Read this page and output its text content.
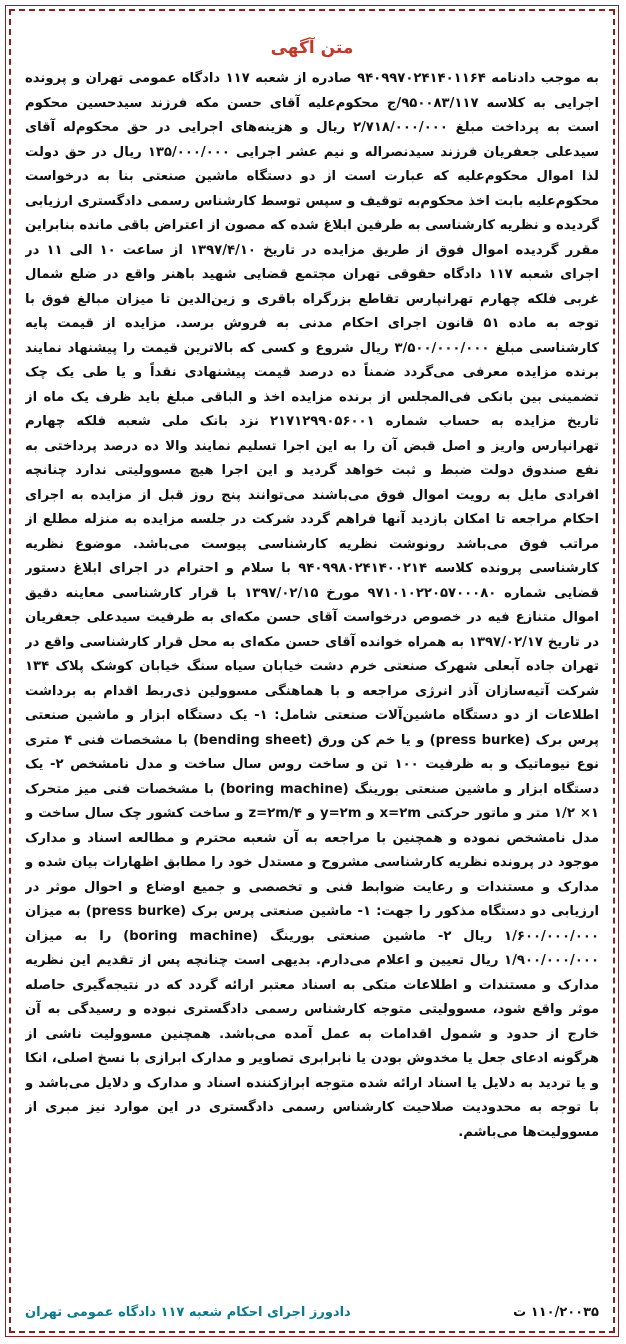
متن آگهی
به موجب دادنامه ۹۴۰۹۹۷۰۲۴۱۴۰۱۱۶۴ صادره از شعبه ۱۱۷ دادگاه عمومی تهران و پرونده اجرایی به کلاسه ۹۵۰۰۸۳/۱۱۷/ج محکوم‌علیه آقای حسن مکه فرزند سیدحسین محکوم است به پرداخت مبلغ ۲/۷۱۸/۰۰۰/۰۰۰ ریال و هزینه‌های اجرایی در حق محکوم‌له آقای سیدعلی جعفریان فرزند سیدنصراله و نیم عشر اجرایی ۱۳۵/۰۰۰/۰۰۰ ریال در حق دولت لذا اموال محکوم‌علیه که عبارت است از دو دستگاه ماشین صنعتی بنا به درخواست محکوم‌علیه بابت اخذ محکوم‌به توقیف و سپس توسط کارشناس رسمی دادگستری ارزیابی گردیده و نظریه کارشناسی به طرفین ابلاغ شده که مصون از اعتراض باقی مانده بنابراین مقرر گردیده اموال فوق از طریق مزایده در تاریخ ۱۳۹۷/۴/۱۰ از ساعت ۱۰ الی ۱۱ در اجرای شعبه ۱۱۷ دادگاه حقوقی تهران مجتمع قضایی شهید باهنر واقع در ضلع شمال غربی فلکه چهارم تهرانپارس تقاطع بزرگراه باقری و زین‌الدین تا میزان مبالغ فوق با توجه به ماده ۵۱ قانون اجرای احکام مدنی به فروش برسد. مزایده از قیمت پایه کارشناسی مبلغ ۳/۵۰۰/۰۰۰/۰۰۰ ریال شروع و کسی که بالاترین قیمت را پیشنهاد نمایند برنده مزایده معرفی می‌گردد ضمناً ده درصد قیمت پیشنهادی نقداً و یا طی یک چک تضمینی بین بانکی فی‌المجلس از برنده مزایده اخذ و الباقی مبلغ باید ظرف یک ماه از تاریخ مزایده به حساب شماره ۲۱۷۱۲۹۹۰۵۶۰۰۱ نزد بانک ملی شعبه فلکه چهارم تهرانپارس واریز و اصل قبض آن را به این اجرا تسلیم نمایند والا ده درصد پرداختی به نفع صندوق دولت ضبط و ثبت خواهد گردید و این اجرا هیچ مسوولیتی ندارد چنانچه افرادی مایل به رویت اموال فوق می‌باشند می‌توانند پنج روز قبل از مزایده به اجرای احکام مراجعه تا امکان بازدید آنها فراهم گردد شرکت در جلسه مزایده به منزله مطلع از مراتب فوق می‌باشد رونوشت نظریه کارشناسی پیوست می‌باشد. موضوع نظریه کارشناسی پرونده کلاسه ۹۴۰۹۹۸۰۲۴۱۴۰۰۲۱۴ با سلام و احترام در اجرای ابلاغ دستور قضایی شماره ۹۷۱۰۱۰۲۲۰۵۷۰۰۰۸۰ مورخ ۱۳۹۷/۰۲/۱۵ با قرار کارشناسی معاینه دقیق اموال متنازع فیه در خصوص درخواست آقای حسن مکه‌ای به طرفیت سیدعلی جعفریان در تاریخ ۱۳۹۷/۰۲/۱۷ به همراه خوانده آقای حسن مکه‌ای به محل قرار کارشناسی واقع در تهران جاده آبعلی شهرک صنعتی خرم دشت خیابان سیاه سنگ خیابان کوشک پلاک ۱۳۴ شرکت آتیه‌سازان آذر انرژی مراجعه و با هماهنگی مسوولین ذی‌ربط اقدام به برداشت اطلاعات از دو دستگاه ماشین‌آلات صنعتی شامل: ۱- یک دستگاه ابزار و ماشین صنعتی پرس برک (press burke) و یا خم کن ورق (bending sheet) با مشخصات فنی ۴ متری نوع نیوماتیک و به ظرفیت ۱۰۰ تن و ساخت روس سال ساخت و مدل نامشخص ۲- یک دستگاه ابزار و ماشین صنعتی بورینگ (boring machine) با مشخصات فنی میز متحرک ۱× ۱/۲ متر و ماتور حرکتی x=۲m و y=۲m و z=۲m/۴ و ساخت کشور چک سال ساخت و مدل نامشخص نموده و همچنین با مراجعه به آن شعبه محترم و مطالعه اسناد و مدارک موجود در پرونده نظریه کارشناسی مشروح و مستدل خود را مطابق اظهارات بیان شده و مدارک و مستندات و رعایت ضوابط فنی و تخصصی و جمیع اوضاع و احوال موثر در ارزیابی دو دستگاه مذکور را جهت: ۱- ماشین صنعتی پرس برک (press burke) به میزان ۱/۶۰۰/۰۰۰/۰۰۰ ریال ۲- ماشین صنعتی بورینگ (boring machine) را به میزان ۱/۹۰۰/۰۰۰/۰۰۰ ریال تعیین و اعلام می‌دارم. بدیهی است چنانچه پس از تقدیم این نظریه مدارک و مستندات و اطلاعات متکی به اسناد معتبر ارائه گردد که در نتیجه‌گیری حاصله موثر واقع شود، مسوولیتی متوجه کارشناس رسمی دادگستری نبوده و رسیدگی به آن خارج از حدود و شمول اقدامات به عمل آمده می‌باشد. همچنین مسوولیت ناشی از هرگونه ادعای جعل یا مخدوش بودن یا نابرابری تصاویر و مدارک ابرازی با نسخ اصلی، انکا و یا تردید به دلایل یا اسناد ارائه شده متوجه ابرازکننده اسناد و مدارک و دلایل می‌باشد و با توجه به محدودیت صلاحیت کارشناس رسمی دادگستری در این موارد نیز مبری از مسوولیت‌ها می‌باشم.
۱۱۰/۲۰۰۳۵ ت
دادورز اجرای احکام شعبه ۱۱۷ دادگاه عمومی تهران
